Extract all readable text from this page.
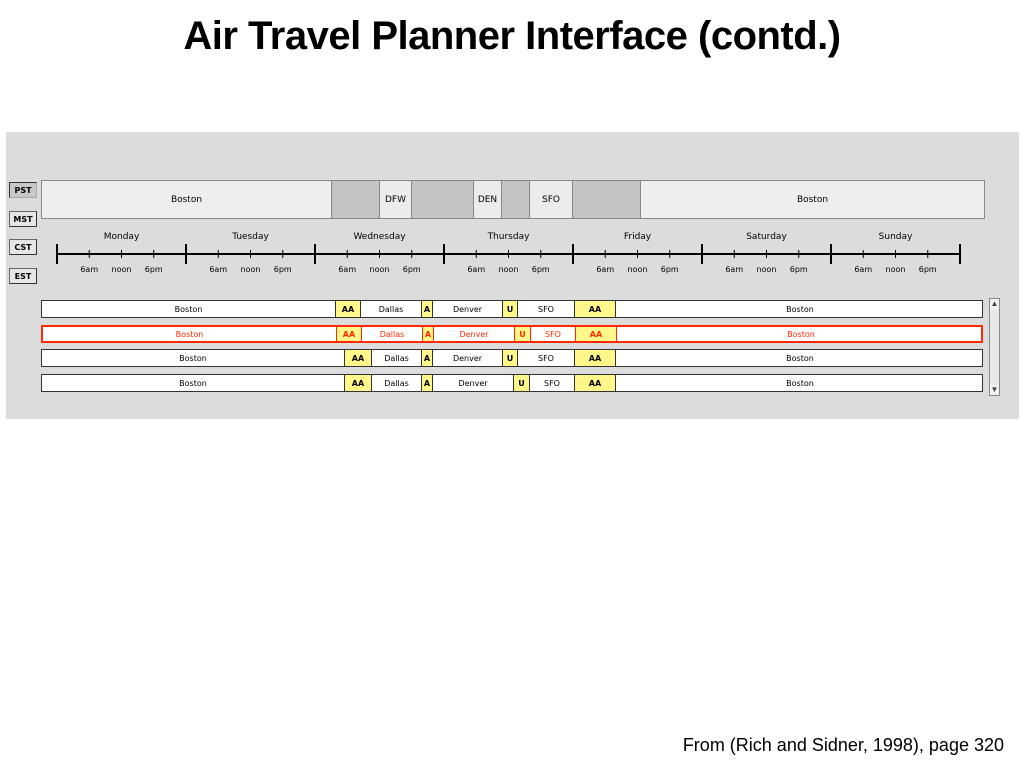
Air Travel Planner Interface (contd.)
PST
MST
CST
EST
Boston	DFW	DEN	SFO	Boston
Monday
6am noon 6pm
Tuesday
6am noon 6pm
Wednesday
6am noon 6pm
Thursday
6am noon 6pm
Friday
6am noon 6pm
Saturday
6am noon 6pm
Sunday
6am noon 6pm
Boston	AA	Dallas	A	Denver	U	SFO	AA	Boston
Boston	AA	Dallas	A	Denver	U	SFO	AA	Boston
Boston	AA	Dallas	A	Denver	U	SFO	AA	Boston
Boston	AA	Dallas	A	Denver	U	SFO	AA	Boston
▲
▼
From (Rich and Sidner, 1998), page 320
